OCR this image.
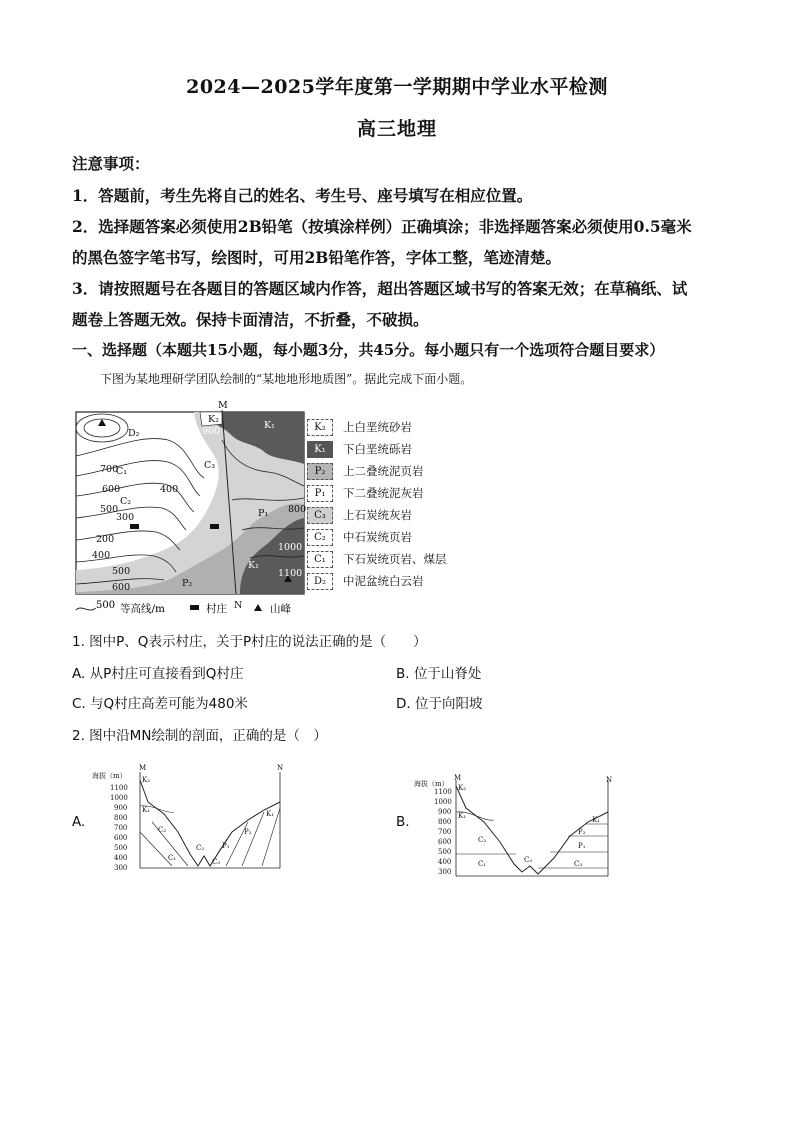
2024—2025学年度第一学期期中学业水平检测
高三地理
注意事项：
1．答题前，考生先将自己的姓名、考生号、座号填写在相应位置。
2．选择题答案必须使用2B铅笔（按填涂样例）正确填涂；非选择题答案必须使用0.5毫米
的黑色签字笔书写，绘图时，可用2B铅笔作答，字体工整，笔迹清楚。
3．请按照题号在各题目的答题区域内作答，超出答题区域书写的答案无效；在草稿纸、试
题卷上答题无效。保持卡面清洁，不折叠，不破损。
一、选择题（本题共15小题，每小题3分，共45分。每小题只有一个选项符合题目要求）
下图为某地理研学团队绘制的“某地地形地质图”。据此完成下面小题。
M
N
900
700
600
500
400
300
200
400
500
600
800
1000
1100
D₂
C₁
C₂
C₃
P₁
P₂
K₁
K₁
K₂
K₂	上白垩统砂岩
K₁	下白垩统砾岩
P₂	上二叠统泥页岩
P₁	下二叠统泥灰岩
C₃	上石炭统灰岩
C₂	中石炭统页岩
C₁	下石炭统页岩、煤层
D₂	中泥盆统白云岩
500 等高线/m	村庄	山峰
1. 图中P、Q表示村庄，关于P村庄的说法正确的是（　　）
A. 从P村庄可直接看到Q村庄	B. 位于山脊处
C. 与Q村庄高差可能为480米	D. 位于向阳坡
2. 图中沿MN绘制的剖面，正确的是（　）
A.	B.
海拔（m）
M	N
1100
1000
900
800
700
600
500
400
300
K₂
K₁
C₂
C₁
C₂
C₃
P₁
P₂
K₁
海拔（m）
M	N
1100
1000
900
800
700
600
500
400
300
K₂
K₁
C₂
C₁	C₃
P₂
P₁
C₃
K₁
